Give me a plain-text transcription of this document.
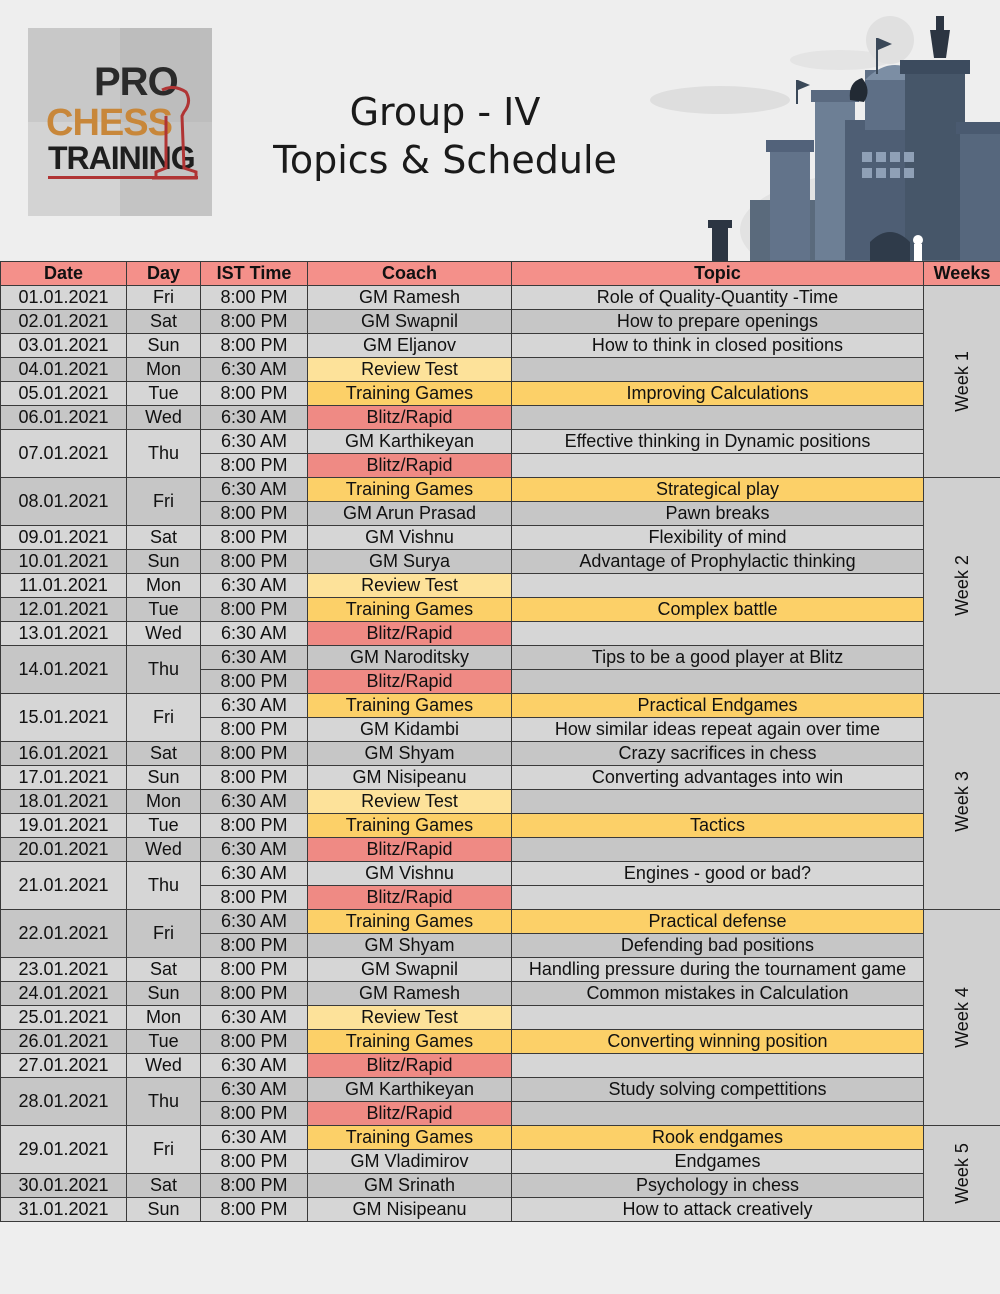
PRO
CHESS
TRAINING
Group - IV
Topics & Schedule
Date	Day	IST Time	Coach	Topic	Weeks
01.01.2021	Fri	8:00 PM	GM Ramesh	Role of Quality-Quantity -Time	Week 1
02.01.2021	Sat	8:00 PM	GM Swapnil	How to prepare openings	
03.01.2021	Sun	8:00 PM	GM Eljanov	How to think in closed positions	
04.01.2021	Mon	6:30 AM	Review Test		
05.01.2021	Tue	8:00 PM	Training Games	Improving Calculations	
06.01.2021	Wed	6:30 AM	Blitz/Rapid		
07.01.2021	Thu	6:30 AM	GM Karthikeyan	Effective thinking in Dynamic positions	
		8:00 PM	Blitz/Rapid		
08.01.2021	Fri	6:30 AM	Training Games	Strategical play	Week 2
		8:00 PM	GM Arun Prasad	Pawn breaks	
09.01.2021	Sat	8:00 PM	GM Vishnu	Flexibility of mind	
10.01.2021	Sun	8:00 PM	GM Surya	Advantage of Prophylactic thinking	
11.01.2021	Mon	6:30 AM	Review Test		
12.01.2021	Tue	8:00 PM	Training Games	Complex battle	
13.01.2021	Wed	6:30 AM	Blitz/Rapid		
14.01.2021	Thu	6:30 AM	GM Naroditsky	Tips to be a good player at Blitz	
		8:00 PM	Blitz/Rapid		
15.01.2021	Fri	6:30 AM	Training Games	Practical Endgames	Week 3
		8:00 PM	GM Kidambi	How similar ideas repeat again over time	
16.01.2021	Sat	8:00 PM	GM Shyam	Crazy sacrifices in chess	
17.01.2021	Sun	8:00 PM	GM Nisipeanu	Converting advantages into win	
18.01.2021	Mon	6:30 AM	Review Test		
19.01.2021	Tue	8:00 PM	Training Games	Tactics	
20.01.2021	Wed	6:30 AM	Blitz/Rapid		
21.01.2021	Thu	6:30 AM	GM Vishnu	Engines - good or bad?	
		8:00 PM	Blitz/Rapid		
22.01.2021	Fri	6:30 AM	Training Games	Practical defense	Week 4
		8:00 PM	GM Shyam	Defending bad positions	
23.01.2021	Sat	8:00 PM	GM Swapnil	Handling pressure during the tournament game	
24.01.2021	Sun	8:00 PM	GM Ramesh	Common mistakes in Calculation	
25.01.2021	Mon	6:30 AM	Review Test		
26.01.2021	Tue	8:00 PM	Training Games	Converting winning position	
27.01.2021	Wed	6:30 AM	Blitz/Rapid		
28.01.2021	Thu	6:30 AM	GM Karthikeyan	Study solving compettitions	
		8:00 PM	Blitz/Rapid		
29.01.2021	Fri	6:30 AM	Training Games	Rook endgames	Week 5
		8:00 PM	GM Vladimirov	Endgames	
30.01.2021	Sat	8:00 PM	GM Srinath	Psychology in chess	
31.01.2021	Sun	8:00 PM	GM Nisipeanu	How to attack creatively	
